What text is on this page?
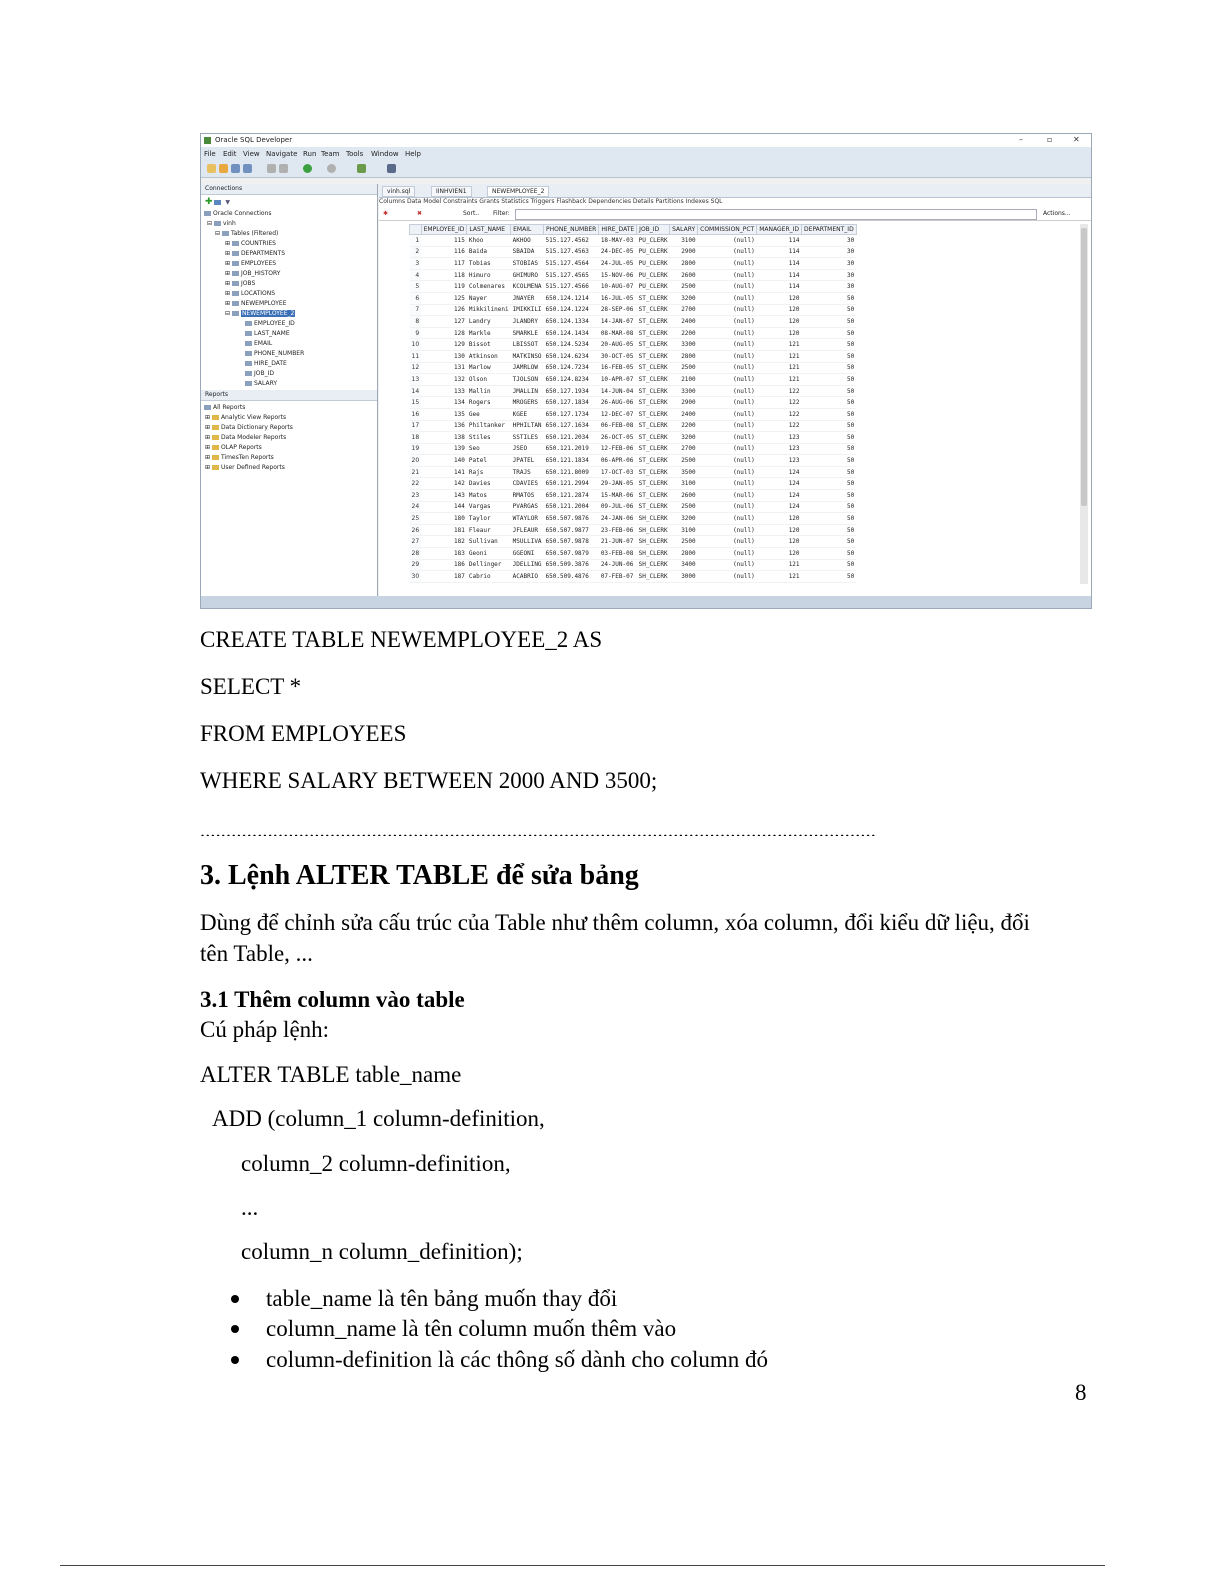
Oracle SQL Developer	–	▫	✕
File Edit View Navigate Run Team Tools Window Help
Connections
✚ ▼
Oracle Connections
⊟ vinh
⊟ Tables (Filtered)
⊞ COUNTRIES
⊞ DEPARTMENTS
⊞ EMPLOYEES
⊞ JOB_HISTORY
⊞ JOBS
⊞ LOCATIONS
⊞ NEWEMPLOYEE
⊟ NEWEMPLOYEE_2
EMPLOYEE_ID
LAST_NAME
EMAIL
PHONE_NUMBER
HIRE_DATE
JOB_ID
SALARY
Reports
All Reports
⊞ Analytic View Reports
⊞ Data Dictionary Reports
⊞ Data Modeler Reports
⊞ OLAP Reports
⊞ TimesTen Reports
⊞ User Defined Reports
vinh.sql	IINHVIEN1	NEWEMPLOYEE_2
Columns Data Model Constraints Grants Statistics Triggers Flashback Dependencies Details Partitions Indexes SQL
✱	✖	Sort.. Filter:	Actions...
	EMPLOYEE_ID	LAST_NAME	EMAIL	PHONE_NUMBER	HIRE_DATE	JOB_ID	SALARY	COMMISSION_PCT	MANAGER_ID	DEPARTMENT_ID
1	115	Khoo	AKHOO	515.127.4562	18-MAY-03	PU_CLERK	3100	(null)	114	30
2	116	Baida	SBAIDA	515.127.4563	24-DEC-05	PU_CLERK	2900	(null)	114	30
3	117	Tobias	STOBIAS	515.127.4564	24-JUL-05	PU_CLERK	2800	(null)	114	30
4	118	Himuro	GHIMURO	515.127.4565	15-NOV-06	PU_CLERK	2600	(null)	114	30
5	119	Colmenares	KCOLMENA	515.127.4566	10-AUG-07	PU_CLERK	2500	(null)	114	30
6	125	Nayer	JNAYER	650.124.1214	16-JUL-05	ST_CLERK	3200	(null)	120	50
7	126	Mikkilineni	IMIKKILI	650.124.1224	28-SEP-06	ST_CLERK	2700	(null)	120	50
8	127	Landry	JLANDRY	650.124.1334	14-JAN-07	ST_CLERK	2400	(null)	120	50
9	128	Markle	SMARKLE	650.124.1434	08-MAR-08	ST_CLERK	2200	(null)	120	50
10	129	Bissot	LBISSOT	650.124.5234	20-AUG-05	ST_CLERK	3300	(null)	121	50
11	130	Atkinson	MATKINSO	650.124.6234	30-OCT-05	ST_CLERK	2800	(null)	121	50
12	131	Marlow	JAMRLOW	650.124.7234	16-FEB-05	ST_CLERK	2500	(null)	121	50
13	132	Olson	TJOLSON	650.124.8234	10-APR-07	ST_CLERK	2100	(null)	121	50
14	133	Mallin	JMALLIN	650.127.1934	14-JUN-04	ST_CLERK	3300	(null)	122	50
15	134	Rogers	MROGERS	650.127.1834	26-AUG-06	ST_CLERK	2900	(null)	122	50
16	135	Gee	KGEE	650.127.1734	12-DEC-07	ST_CLERK	2400	(null)	122	50
17	136	Philtanker	HPHILTAN	650.127.1634	06-FEB-08	ST_CLERK	2200	(null)	122	50
18	138	Stiles	SSTILES	650.121.2034	26-OCT-05	ST_CLERK	3200	(null)	123	50
19	139	Seo	JSEO	650.121.2019	12-FEB-06	ST_CLERK	2700	(null)	123	50
20	140	Patel	JPATEL	650.121.1834	06-APR-06	ST_CLERK	2500	(null)	123	50
21	141	Rajs	TRAJS	650.121.8009	17-OCT-03	ST_CLERK	3500	(null)	124	50
22	142	Davies	CDAVIES	650.121.2994	29-JAN-05	ST_CLERK	3100	(null)	124	50
23	143	Matos	RMATOS	650.121.2874	15-MAR-06	ST_CLERK	2600	(null)	124	50
24	144	Vargas	PVARGAS	650.121.2004	09-JUL-06	ST_CLERK	2500	(null)	124	50
25	180	Taylor	WTAYLOR	650.507.9876	24-JAN-06	SH_CLERK	3200	(null)	120	50
26	181	Fleaur	JFLEAUR	650.507.9877	23-FEB-06	SH_CLERK	3100	(null)	120	50
27	182	Sullivan	MSULLIVA	650.507.9878	21-JUN-07	SH_CLERK	2500	(null)	120	50
28	183	Geoni	GGEONI	650.507.9879	03-FEB-08	SH_CLERK	2800	(null)	120	50
29	186	Dellinger	JDELLING	650.509.3876	24-JUN-06	SH_CLERK	3400	(null)	121	50
30	187	Cabrio	ACABRIO	650.509.4876	07-FEB-07	SH_CLERK	3000	(null)	121	50
CREATE TABLE NEWEMPLOYEE_2 AS
SELECT *
FROM EMPLOYEES
WHERE SALARY BETWEEN 2000 AND 3500;
..................................................................................................................................
3. Lệnh ALTER TABLE để sửa bảng
Dùng để chỉnh sửa cấu trúc của Table như thêm column, xóa column, đổi kiểu dữ liệu, đổi
tên Table, ...
3.1 Thêm column vào table
Cú pháp lệnh:
ALTER TABLE table_name
ADD (column_1 column-definition,
column_2 column-definition,
...
column_n column_definition);
table_name là tên bảng muốn thay đổi
column_name là tên column muốn thêm vào
column-definition là các thông số dành cho column đó
8
